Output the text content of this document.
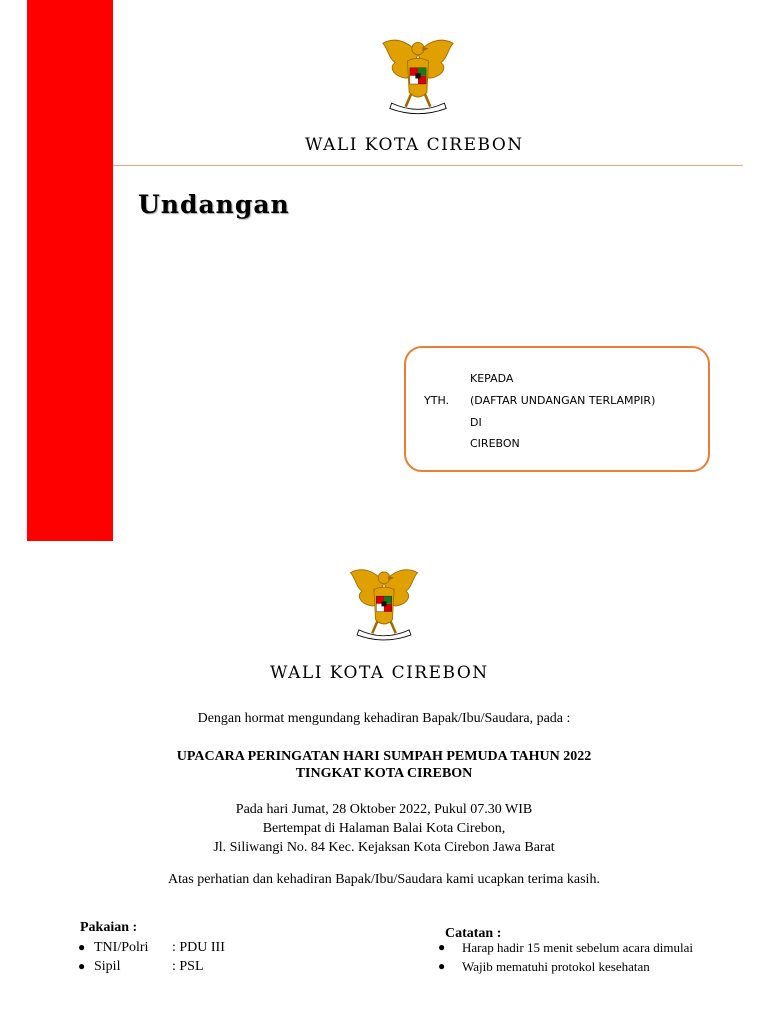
WALI KOTA CIREBON
Undangan
YTH.
KEPADA
(DAFTAR UNDANGAN TERLAMPIR)
DI
CIREBON
WALI KOTA CIREBON
Dengan hormat mengundang kehadiran Bapak/Ibu/Saudara, pada :
UPACARA PERINGATAN HARI SUMPAH PEMUDA TAHUN 2022
TINGKAT KOTA CIREBON
Pada hari Jumat, 28 Oktober 2022, Pukul 07.30 WIB
Bertempat di Halaman Balai Kota Cirebon,
Jl. Siliwangi No. 84 Kec. Kejaksan Kota Cirebon Jawa Barat
Atas perhatian dan kehadiran Bapak/Ibu/Saudara kami ucapkan terima kasih.
Pakaian :
● TNI/Polri : PDU III
● Sipil	: PSL
Catatan :
● Harap hadir 15 menit sebelum acara dimulai
● Wajib mematuhi protokol kesehatan
